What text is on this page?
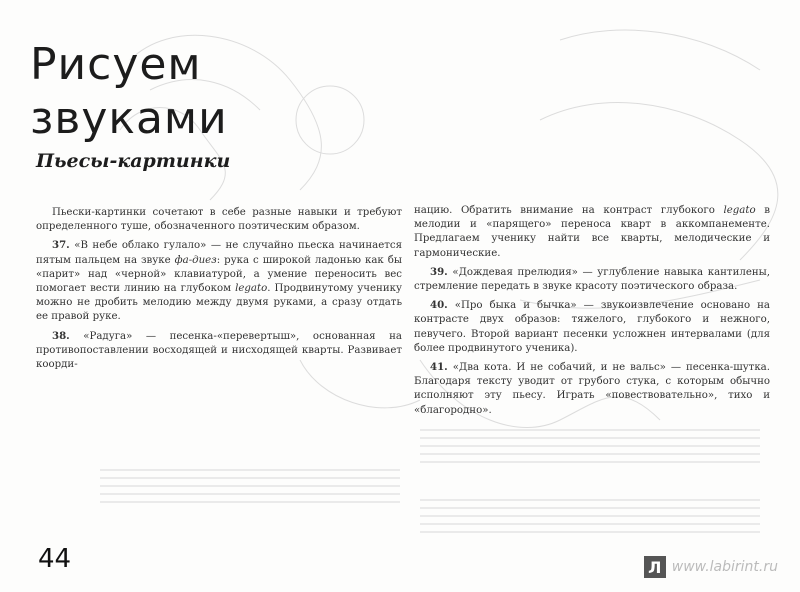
Рисуем
звуками
Пьесы-картинки

Пьески-картинки сочетают в себе разные навыки и требуют определенного туше, обозначенного поэтическим образом.

37. «В небе облако гулало» — не случайно пьеска начинается пятым пальцем на звуке фа-диез: рука с широкой ладонью как бы «парит» над «черной» клавиатурой, а умение переносить вес помогает вести линию на глубоком legato. Продвинутому ученику можно не дробить мелодию между двумя руками, а сразу отдать ее правой руке.

38. «Радуга» — песенка-«перевертыш», основанная на противопоставлении восходящей и нисходящей кварты. Развивает коорди-

нацию. Обратить внимание на контраст глубокого legato в мелодии и «парящего» переноса кварт в аккомпанементе. Предлагаем ученику найти все кварты, мелодические и гармонические.

39. «Дождевая прелюдия» — углубление навыка кантилены, стремление передать в звуке красоту поэтического образа.

40. «Про быка и бычка» — звукоизвлечение основано на контрасте двух образов: тяжелого, глубокого и нежного, певучего. Второй вариант песенки усложнен интервалами (для более продвинутого ученика).

41. «Два кота. И не собачий, и не вальс» — песенка-шутка. Благодаря тексту уводит от грубого стука, с которым обычно исполняют эту пьесу. Играть «повествовательно», тихо и «благородно».

44	Л www.labirint.ru
